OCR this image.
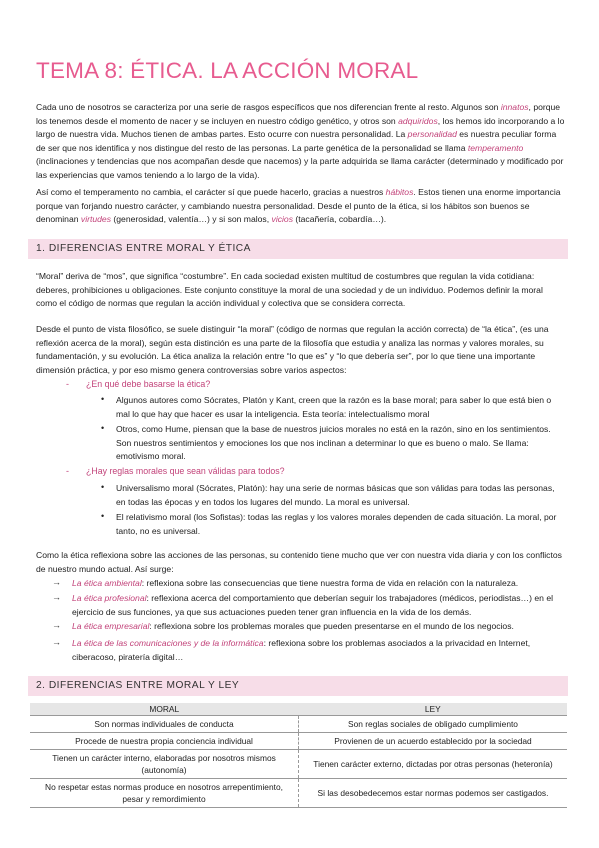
TEMA 8: ÉTICA. LA ACCIÓN MORAL
Cada uno de nosotros se caracteriza por una serie de rasgos específicos que nos diferencian frente al resto. Algunos son innatos, porque los tenemos desde el momento de nacer y se incluyen en nuestro código genético, y otros son adquiridos, los hemos ido incorporando a lo largo de nuestra vida. Muchos tienen de ambas partes. Esto ocurre con nuestra personalidad. La personalidad es nuestra peculiar forma de ser que nos identifica y nos distingue del resto de las personas. La parte genética de la personalidad se llama temperamento (inclinaciones y tendencias que nos acompañan desde que nacemos) y la parte adquirida se llama carácter (determinado y modificado por las experiencias que vamos teniendo a lo largo de la vida).
Así como el temperamento no cambia, el carácter sí que puede hacerlo, gracias a nuestros hábitos. Estos tienen una enorme importancia porque van forjando nuestro carácter, y cambiando nuestra personalidad. Desde el punto de la ética, si los hábitos son buenos se denominan virtudes (generosidad, valentía…) y si son malos, vicios (tacañería, cobardía…).
1. DIFERENCIAS ENTRE MORAL Y ÉTICA
“Moral” deriva de “mos”, que significa “costumbre”. En cada sociedad existen multitud de costumbres que regulan la vida cotidiana: deberes, prohibiciones u obligaciones. Este conjunto constituye la moral de una sociedad y de un individuo. Podemos definir la moral como el código de normas que regulan la acción individual y colectiva que se considera correcta.
Desde el punto de vista filosófico, se suele distinguir “la moral” (código de normas que regulan la acción correcta) de “la ética”, (es una reflexión acerca de la moral), según esta distinción es una parte de la filosofía que estudia y analiza las normas y valores morales, su fundamentación, y su evolución. La ética analiza la relación entre “lo que es” y “lo que debería ser”, por lo que tiene una importante dimensión práctica, y por eso mismo genera controversias sobre varios aspectos:
- ¿En qué debe basarse la ética?
• Algunos autores como Sócrates, Platón y Kant, creen que la razón es la base moral; para saber lo que está bien o mal lo que hay que hacer es usar la inteligencia. Esta teoría: intelectualismo moral
• Otros, como Hume, piensan que la base de nuestros juicios morales no está en la razón, sino en los sentimientos. Son nuestros sentimientos y emociones los que nos inclinan a determinar lo que es bueno o malo. Se llama: emotivismo moral.
- ¿Hay reglas morales que sean válidas para todos?
• Universalismo moral (Sócrates, Platón): hay una serie de normas básicas que son válidas para todas las personas, en todas las épocas y en todos los lugares del mundo. La moral es universal.
• El relativismo moral (los Sofistas): todas las reglas y los valores morales dependen de cada situación. La moral, por tanto, no es universal.
Como la ética reflexiona sobre las acciones de las personas, su contenido tiene mucho que ver con nuestra vida diaria y con los conflictos de nuestro mundo actual. Así surge:
→ La ética ambiental: reflexiona sobre las consecuencias que tiene nuestra forma de vida en relación con la naturaleza.
→ La ética profesional: reflexiona acerca del comportamiento que deberían seguir los trabajadores (médicos, periodistas…) en el ejercicio de sus funciones, ya que sus actuaciones pueden tener gran influencia en la vida de los demás.
→ La ética empresarial: reflexiona sobre los problemas morales que pueden presentarse en el mundo de los negocios.
→ La ética de las comunicaciones y de la informática: reflexiona sobre los problemas asociados a la privacidad en Internet, ciberacoso, piratería digital…
2. DIFERENCIAS ENTRE MORAL Y LEY
MORAL	LEY
Son normas individuales de conducta	Son reglas sociales de obligado cumplimiento
Procede de nuestra propia conciencia individual	Provienen de un acuerdo establecido por la sociedad
Tienen un carácter interno, elaboradas por nosotros mismos (autonomía)	Tienen carácter externo, dictadas por otras personas (heteronía)
No respetar estas normas produce en nosotros arrepentimiento, pesar y remordimiento	Si las desobedecemos estar normas podemos ser castigados.
